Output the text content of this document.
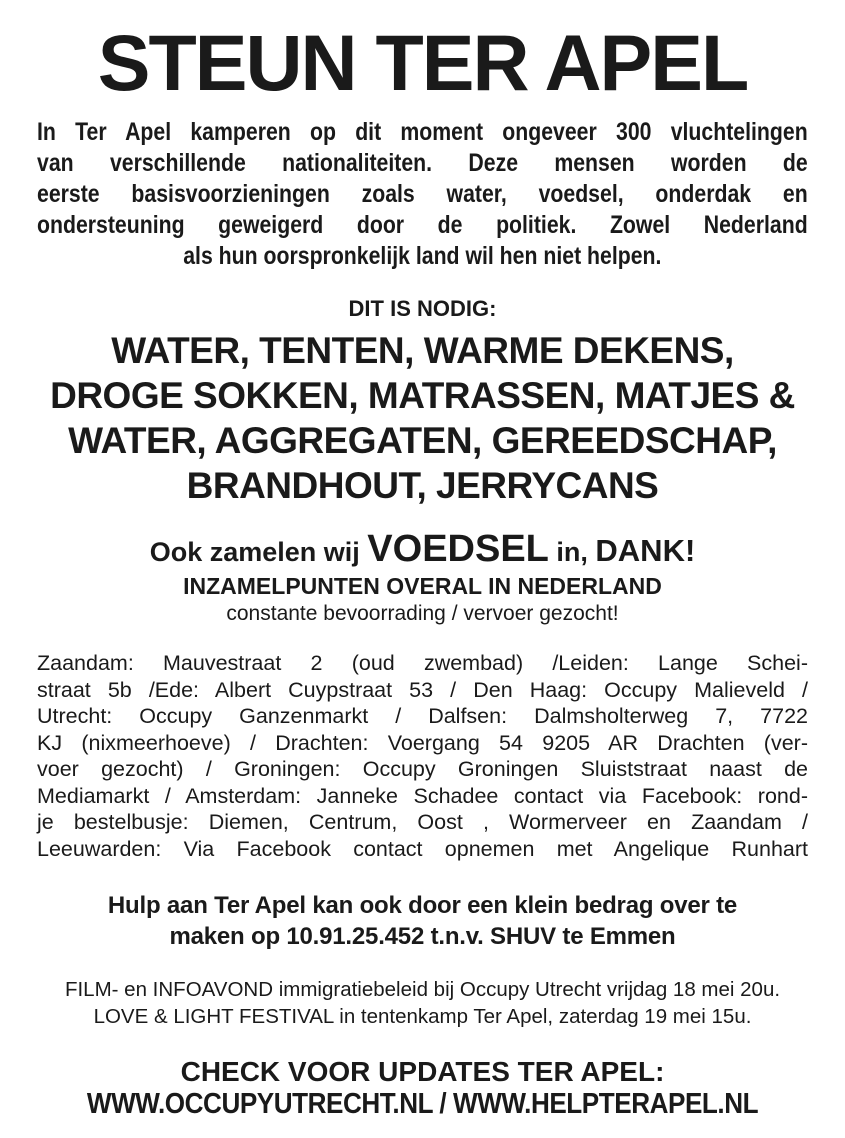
STEUN TER APEL
In Ter Apel kamperen op dit moment ongeveer 300 vluchtelingen
van verschillende nationaliteiten. Deze mensen worden de
eerste basisvoorzieningen zoals water, voedsel, onderdak en
ondersteuning geweigerd door de politiek. Zowel Nederland
als hun oorspronkelijk land wil hen niet helpen.
DIT IS NODIG:
WATER, TENTEN, WARME DEKENS,
DROGE SOKKEN, MATRASSEN, MATJES &
WATER, AGGREGATEN, GEREEDSCHAP,
BRANDHOUT, JERRYCANS
Ook zamelen wij VOEDSEL in, DANK!
INZAMELPUNTEN OVERAL IN NEDERLAND
constante bevoorrading / vervoer gezocht!
Zaandam: Mauvestraat 2 (oud zwembad) /Leiden: Lange Schei-
straat 5b /Ede: Albert Cuypstraat 53 / Den Haag: Occupy Malieveld /
Utrecht: Occupy Ganzenmarkt / Dalfsen: Dalmsholterweg 7, 7722
KJ (nixmeerhoeve) / Drachten: Voergang 54 9205 AR Drachten (ver-
voer gezocht) / Groningen: Occupy Groningen Sluiststraat naast de
Mediamarkt / Amsterdam: Janneke Schadee contact via Facebook: rond-
je bestelbusje: Diemen, Centrum, Oost , Wormerveer en Zaandam /
Leeuwarden: Via Facebook contact opnemen met Angelique Runhart
Hulp aan Ter Apel kan ook door een klein bedrag over te
maken op 10.91.25.452 t.n.v. SHUV te Emmen
FILM- en INFOAVOND immigratiebeleid bij Occupy Utrecht vrijdag 18 mei 20u.
LOVE & LIGHT FESTIVAL in tentenkamp Ter Apel, zaterdag 19 mei 15u.
CHECK VOOR UPDATES TER APEL:
WWW.OCCUPYUTRECHT.NL / WWW.HELPTERAPEL.NL
